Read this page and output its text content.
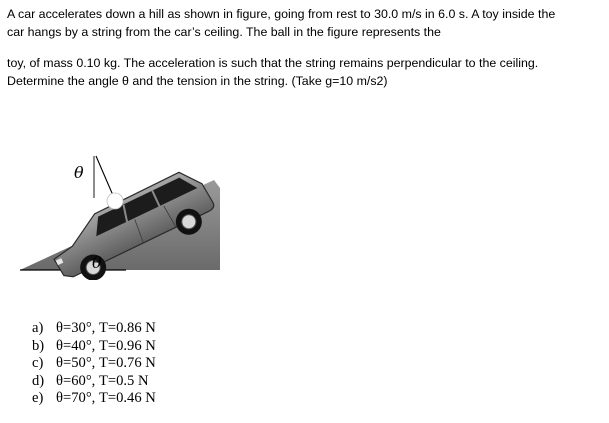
A car accelerates down a hill as shown in figure, going from rest to 30.0 m/s in 6.0 s. A toy inside the

car hangs by a string from the car’s ceiling. The ball in the figure represents the

toy, of mass 0.10 kg. The acceleration is such that the string remains perpendicular to the ceiling.

Determine the angle θ and the tension in the string. (Take g=10 m/s2)

θ
θ
a) θ=30°, T=0.86 N
b) θ=40°, T=0.96 N
c) θ=50°, T=0.76 N
d) θ=60°, T=0.5 N
e) θ=70°, T=0.46 N
